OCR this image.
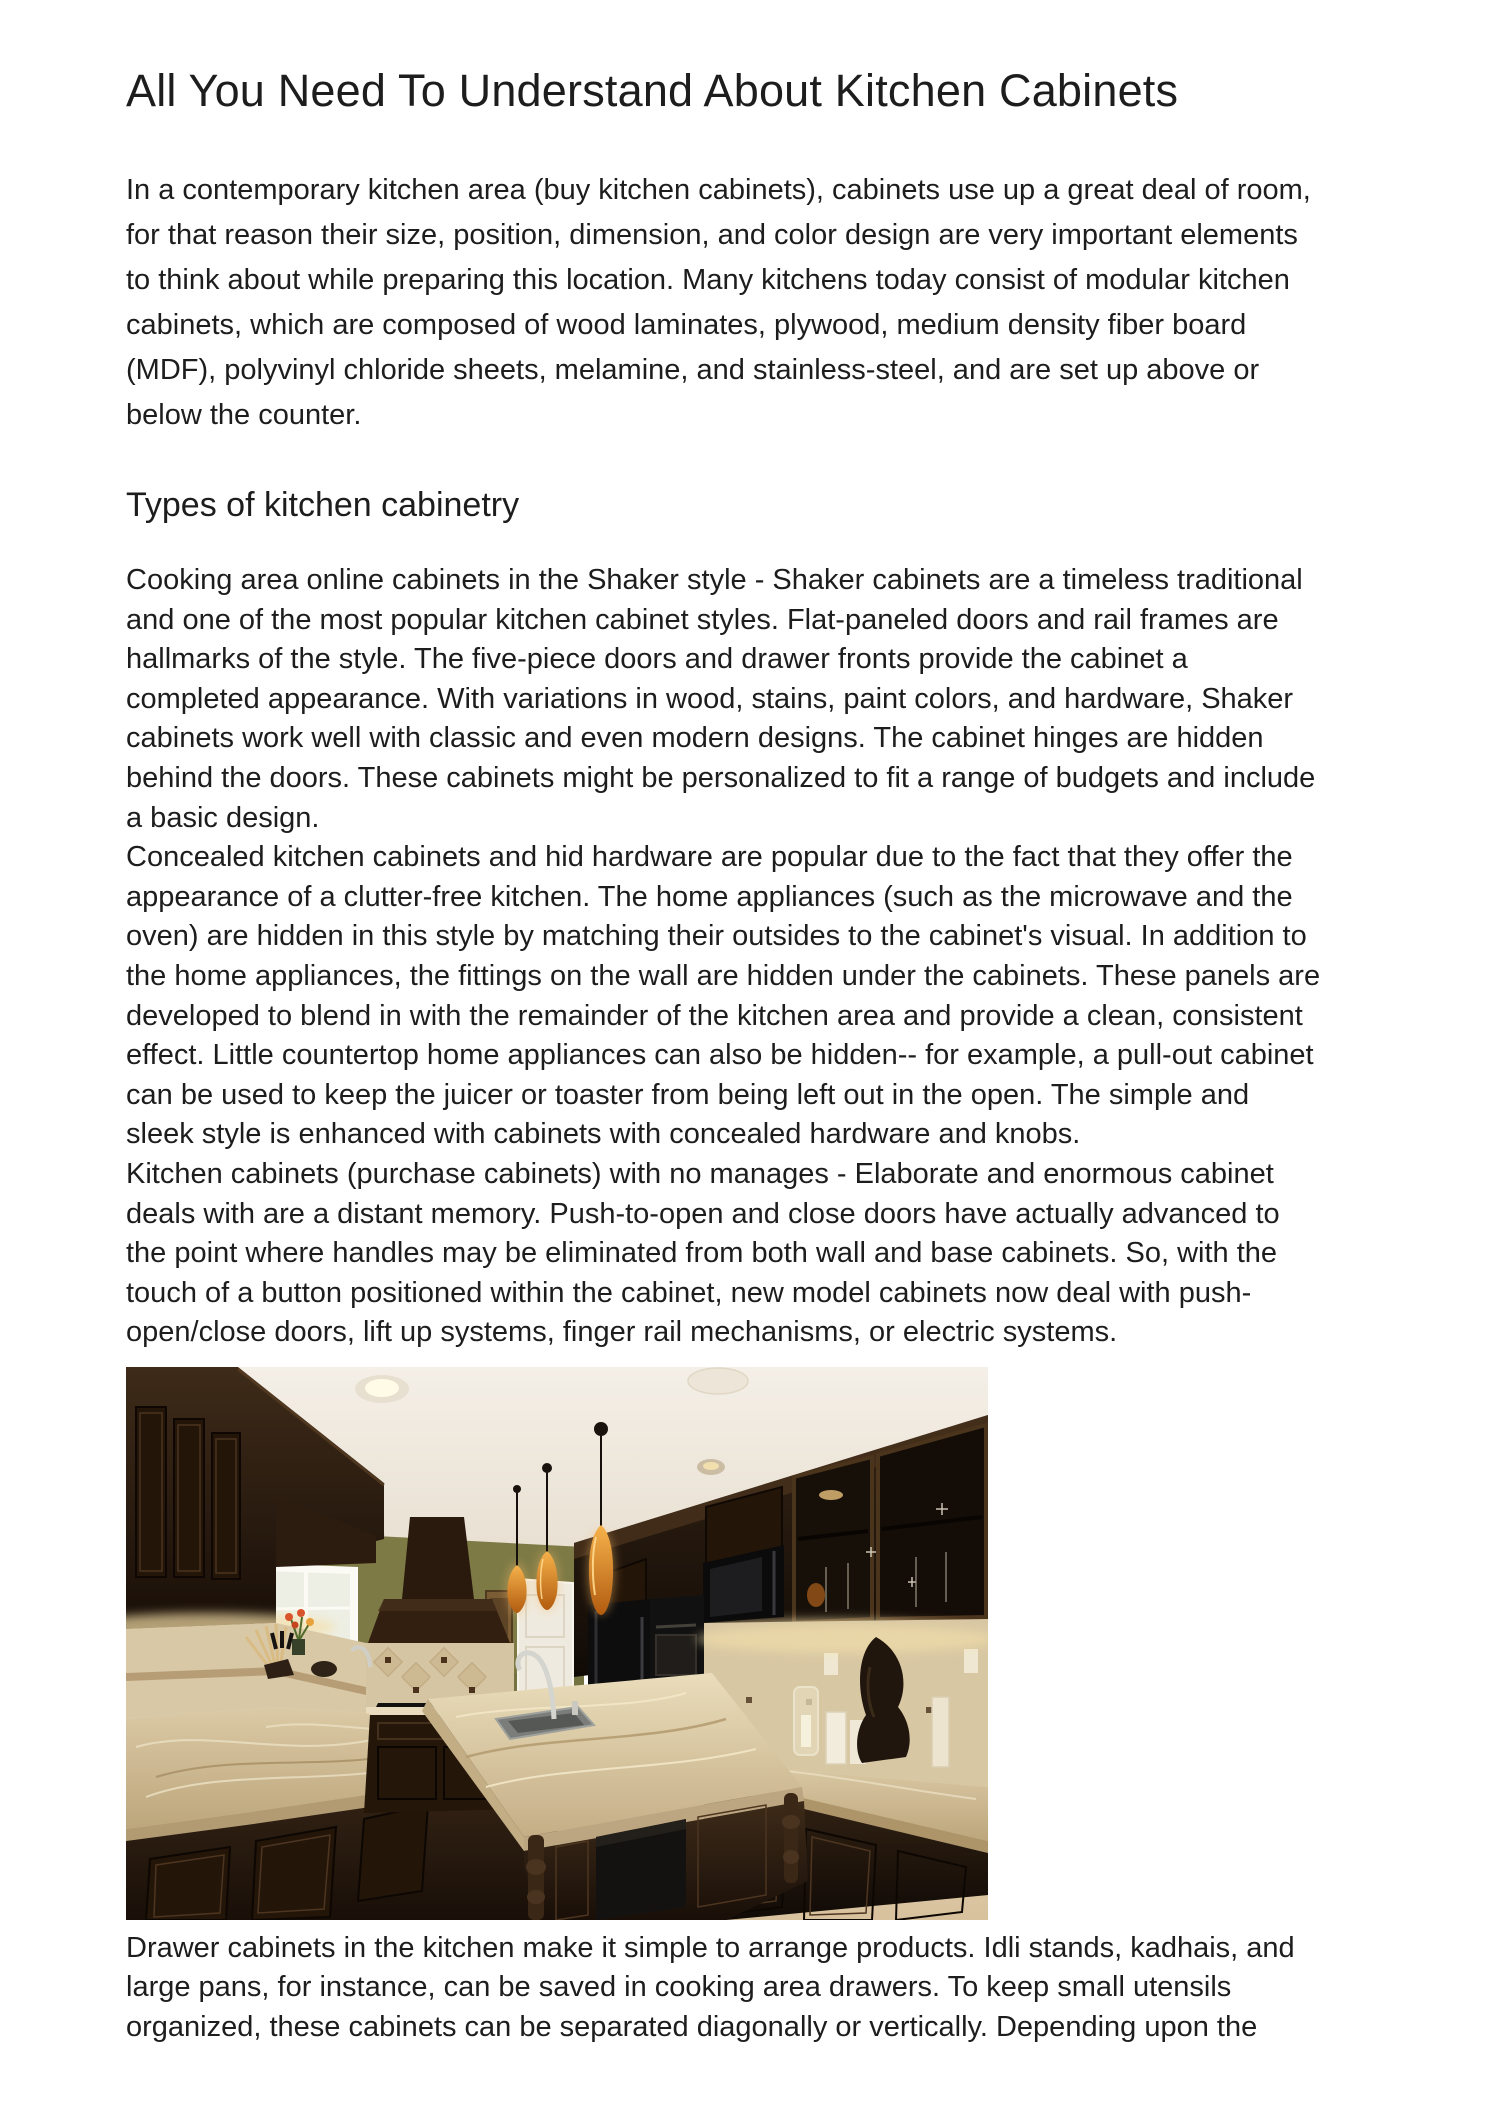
All You Need To Understand About Kitchen Cabinets
In a contemporary kitchen area (buy kitchen cabinets), cabinets use up a great deal of room,
for that reason their size, position, dimension, and color design are very important elements
to think about while preparing this location. Many kitchens today consist of modular kitchen
cabinets, which are composed of wood laminates, plywood, medium density fiber board
(MDF), polyvinyl chloride sheets, melamine, and stainless-steel, and are set up above or
below the counter.
Types of kitchen cabinetry
Cooking area online cabinets in the Shaker style - Shaker cabinets are a timeless traditional
and one of the most popular kitchen cabinet styles. Flat-paneled doors and rail frames are
hallmarks of the style. The five-piece doors and drawer fronts provide the cabinet a
completed appearance. With variations in wood, stains, paint colors, and hardware, Shaker
cabinets work well with classic and even modern designs. The cabinet hinges are hidden
behind the doors. These cabinets might be personalized to fit a range of budgets and include
a basic design.
Concealed kitchen cabinets and hid hardware are popular due to the fact that they offer the
appearance of a clutter-free kitchen. The home appliances (such as the microwave and the
oven) are hidden in this style by matching their outsides to the cabinet's visual. In addition to
the home appliances, the fittings on the wall are hidden under the cabinets. These panels are
developed to blend in with the remainder of the kitchen area and provide a clean, consistent
effect. Little countertop home appliances can also be hidden-- for example, a pull-out cabinet
can be used to keep the juicer or toaster from being left out in the open. The simple and
sleek style is enhanced with cabinets with concealed hardware and knobs.
Kitchen cabinets (purchase cabinets) with no manages - Elaborate and enormous cabinet
deals with are a distant memory. Push-to-open and close doors have actually advanced to
the point where handles may be eliminated from both wall and base cabinets. So, with the
touch of a button positioned within the cabinet, new model cabinets now deal with push-
open/close doors, lift up systems, finger rail mechanisms, or electric systems.
Drawer cabinets in the kitchen make it simple to arrange products. Idli stands, kadhais, and
large pans, for instance, can be saved in cooking area drawers. To keep small utensils
organized, these cabinets can be separated diagonally or vertically. Depending upon the
